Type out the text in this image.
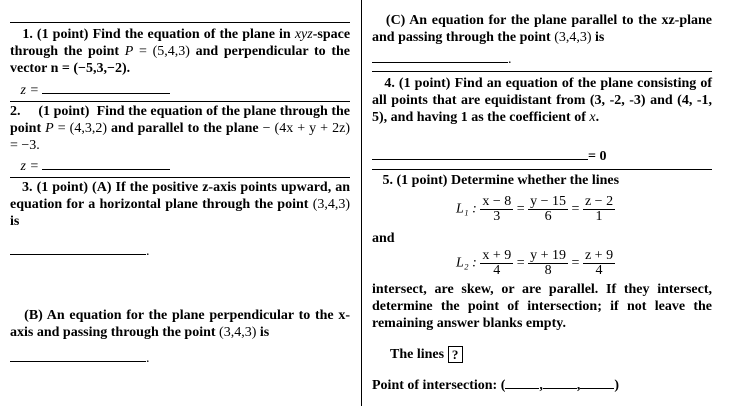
1. (1 point) Find the equation of the plane in xyz-space through the point P = (5,4,3) and perpendicular to the vector n = (−5,3,−2).
z =
2. (1 point) Find the equation of the plane through the point P = (4,3,2) and parallel to the plane − (4x + y + 2z) = −3.
z =
3. (1 point) (A) If the positive z-axis points upward, an equation for a horizontal plane through the point (3,4,3) is
.
(B) An equation for the plane perpendicular to the x-axis and passing through the point (3,4,3) is
.
(C) An equation for the plane parallel to the xz-plane and passing through the point (3,4,3) is
.
4. (1 point) Find an equation of the plane consisting of all points that are equidistant from (3, -2, -3) and (4, -1, 5), and having 1 as the coefficient of x.
= 0
5. (1 point) Determine whether the lines
L₁ : $\frac{x - 8}{3} = \frac{y - 15}{6} = \frac{z - 2}{1}$
and
L₂ : $\frac{x + 9}{4} = \frac{y + 19}{8} = \frac{z + 9}{4}$
intersect, are skew, or are parallel. If they intersect, determine the point of intersection; if not leave the remaining answer blanks empty.
The lines ?
Point of intersection: ( , , )
